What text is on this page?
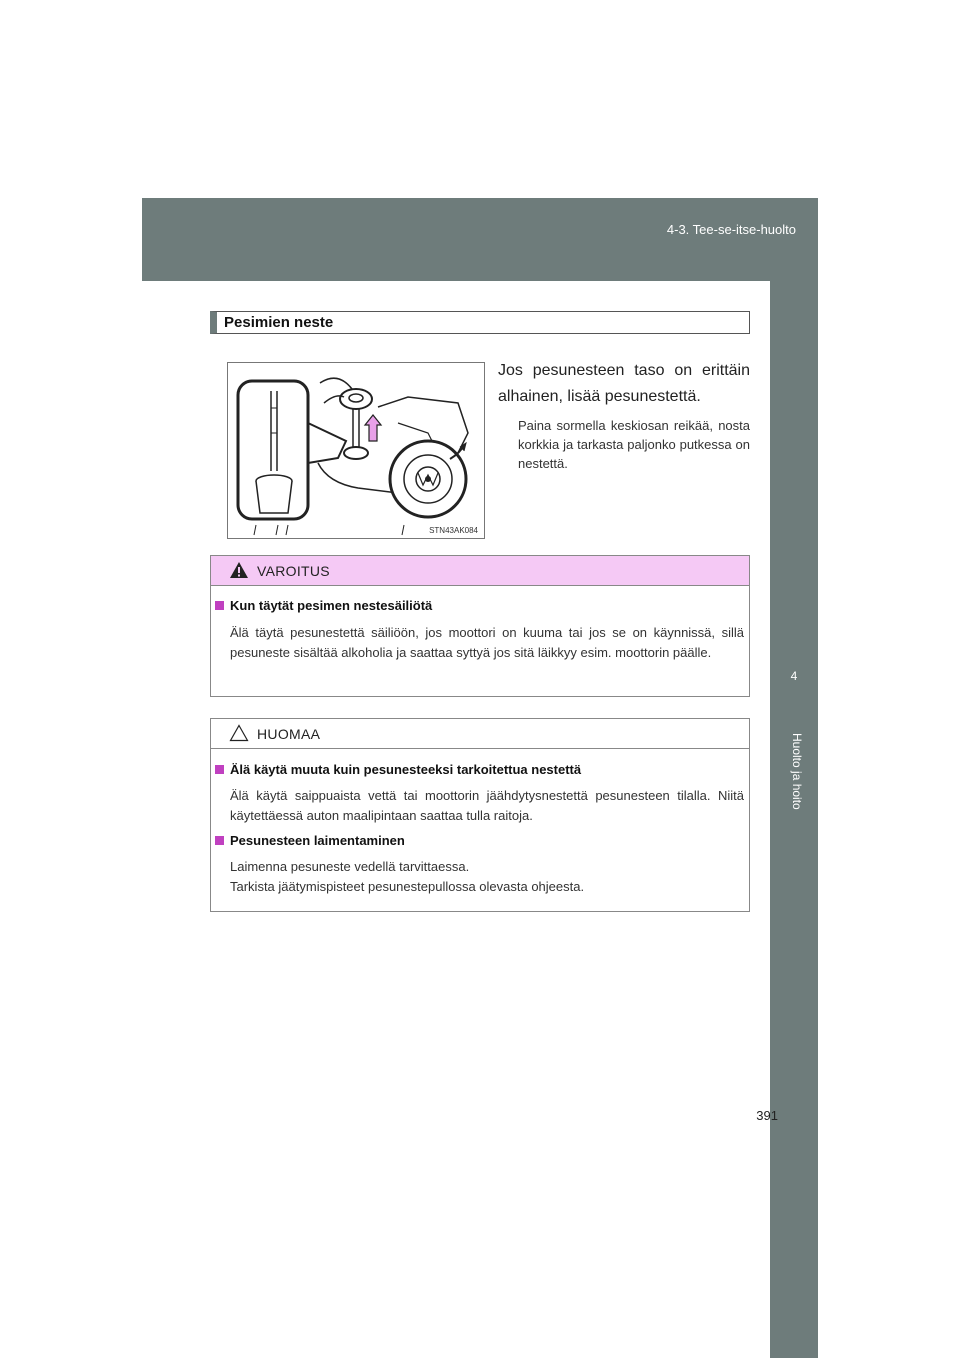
4-3. Tee-se-itse-huolto
4
Huolto ja hoito
Pesimien neste
STN43AK084
Jos pesunesteen taso on erittäin alhainen, lisää pesunestettä.
Paina sormella keskiosan reikää, nosta korkkia ja tarkasta paljonko putkessa on nestettä.
VAROITUS
Kun täytät pesimen nestesäiliötä
Älä täytä pesunestettä säiliöön, jos moottori on kuuma tai jos se on käynnissä, sillä pesuneste sisältää alkoholia ja saattaa syttyä jos sitä läikkyy esim. moottorin päälle.
HUOMAA
Älä käytä muuta kuin pesunesteeksi tarkoitettua nestettä
Älä käytä saippuaista vettä tai moottorin jäähdytysnestettä pesunesteen tilalla. Niitä käytettäessä auton maalipintaan saattaa tulla raitoja.
Pesunesteen laimentaminen
Laimenna pesuneste vedellä tarvittaessa.
Tarkista jäätymispisteet pesunestepullossa olevasta ohjeesta.
391
